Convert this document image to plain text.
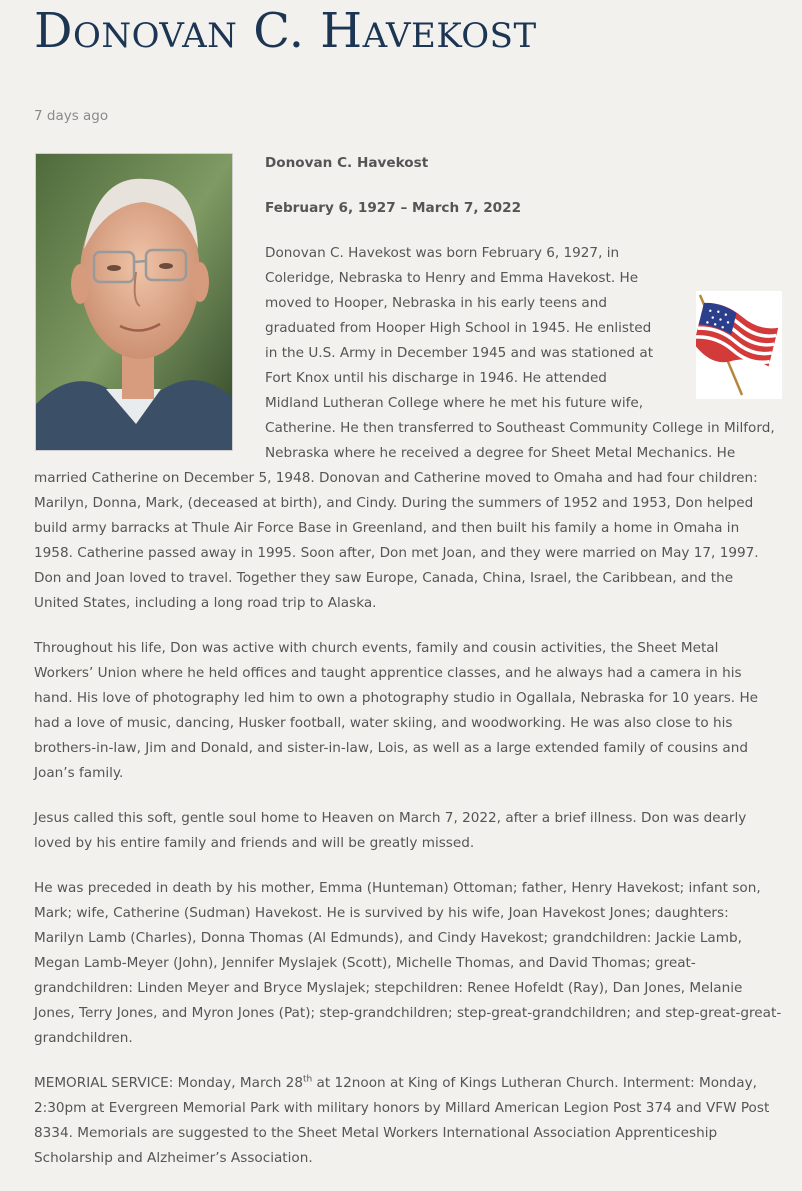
Donovan C. Havekost
7 days ago

Donovan C. Havekost

February 6, 1927 – March 7, 2022

Donovan C. Havekost was born February 6, 1927, in Coleridge, Nebraska to Henry and Emma Havekost. He moved to Hooper, Nebraska in his early teens and graduated from Hooper High School in 1945. He enlisted in the U.S. Army in December 1945 and was stationed at Fort Knox until his discharge in 1946. He attended Midland Lutheran College where he met his future wife, Catherine. He then transferred to Southeast Community College in Milford, Nebraska where he received a degree for Sheet Metal Mechanics. He married Catherine on December 5, 1948. Donovan and Catherine moved to Omaha and had four children: Marilyn, Donna, Mark, (deceased at birth), and Cindy. During the summers of 1952 and 1953, Don helped build army barracks at Thule Air Force Base in Greenland, and then built his family a home in Omaha in 1958. Catherine passed away in 1995. Soon after, Don met Joan, and they were married on May 17, 1997. Don and Joan loved to travel. Together they saw Europe, Canada, China, Israel, the Caribbean, and the United States, including a long road trip to Alaska.

Throughout his life, Don was active with church events, family and cousin activities, the Sheet Metal Workers’ Union where he held offices and taught apprentice classes, and he always had a camera in his hand. His love of photography led him to own a photography studio in Ogallala, Nebraska for 10 years. He had a love of music, dancing, Husker football, water skiing, and woodworking. He was also close to his brothers-in-law, Jim and Donald, and sister-in-law, Lois, as well as a large extended family of cousins and Joan’s family.

Jesus called this soft, gentle soul home to Heaven on March 7, 2022, after a brief illness. Don was dearly loved by his entire family and friends and will be greatly missed.

He was preceded in death by his mother, Emma (Hunteman) Ottoman; father, Henry Havekost; infant son, Mark; wife, Catherine (Sudman) Havekost. He is survived by his wife, Joan Havekost Jones; daughters: Marilyn Lamb (Charles), Donna Thomas (Al Edmunds), and Cindy Havekost; grandchildren: Jackie Lamb, Megan Lamb-Meyer (John), Jennifer Myslajek (Scott), Michelle Thomas, and David Thomas; great-grandchildren: Linden Meyer and Bryce Myslajek; stepchildren: Renee Hofeldt (Ray), Dan Jones, Melanie Jones, Terry Jones, and Myron Jones (Pat); step-grandchildren; step-great-grandchildren; and step-great-great-grandchildren.

MEMORIAL SERVICE: Monday, March 28th at 12noon at King of Kings Lutheran Church. Interment: Monday, 2:30pm at Evergreen Memorial Park with military honors by Millard American Legion Post 374 and VFW Post 8334. Memorials are suggested to the Sheet Metal Workers International Association Apprenticeship Scholarship and Alzheimer’s Association.
